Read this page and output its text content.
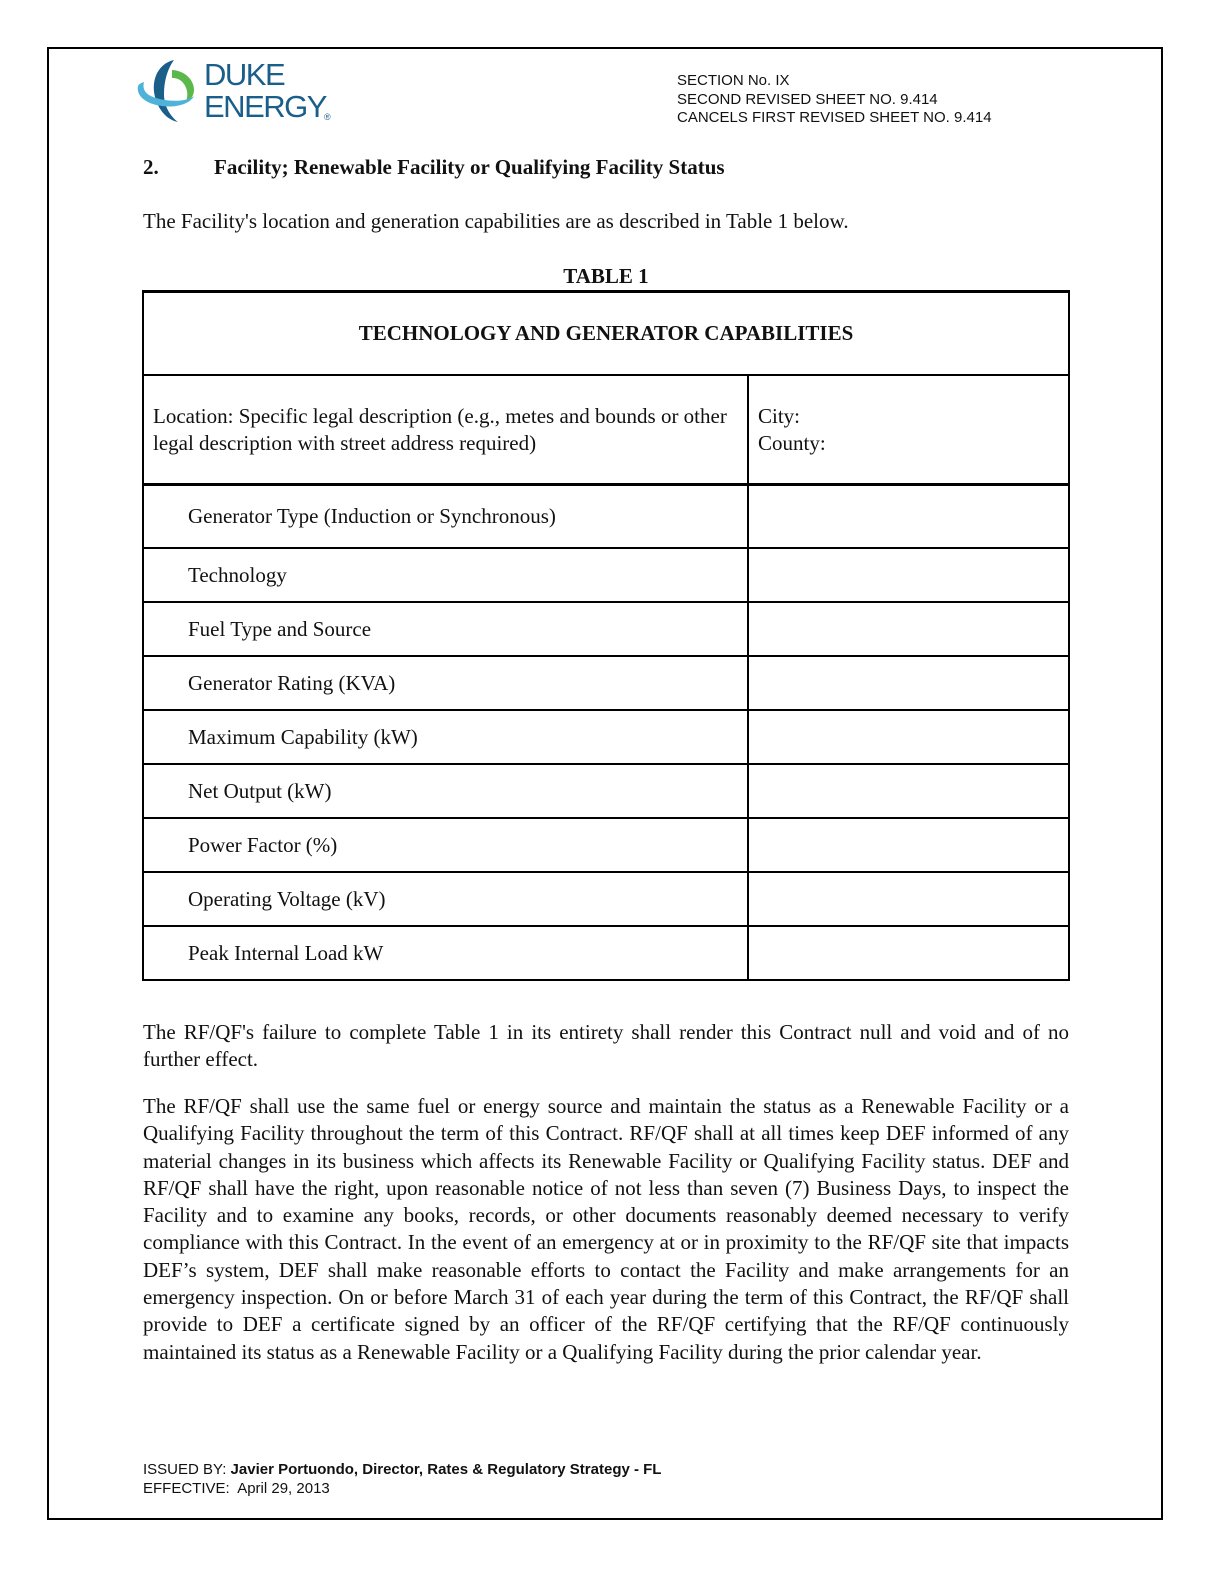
DUKE
ENERGY
®
SECTION No. IX
SECOND REVISED SHEET NO. 9.414
CANCELS FIRST REVISED SHEET NO. 9.414
2.	Facility; Renewable Facility or Qualifying Facility Status
The Facility's location and generation capabilities are as described in Table 1 below.
TABLE 1
TECHNOLOGY AND GENERATOR CAPABILITIES	
Location: Specific legal description (e.g., metes and bounds or other legal description with street address required)	City:
County:

Generator Type (Induction or Synchronous)	
Technology	
Fuel Type and Source	
Generator Rating (KVA)	
Maximum Capability (kW)	
Net Output (kW)	
Power Factor (%)	
Operating Voltage (kV)	
Peak Internal Load kW	
The RF/QF's failure to complete Table 1 in its entirety shall render this Contract null and void and of no further effect.
The RF/QF shall use the same fuel or energy source and maintain the status as a Renewable Facility or a Qualifying Facility throughout the term of this Contract. RF/QF shall at all times keep DEF informed of any material changes in its business which affects its Renewable Facility or Qualifying Facility status. DEF and RF/QF shall have the right, upon reasonable notice of not less than seven (7) Business Days, to inspect the Facility and to examine any books, records, or other documents reasonably deemed necessary to verify compliance with this Contract. In the event of an emergency at or in proximity to the RF/QF site that impacts DEF’s system, DEF shall make reasonable efforts to contact the Facility and make arrangements for an emergency inspection. On or before March 31 of each year during the term of this Contract, the RF/QF shall provide to DEF a certificate signed by an officer of the RF/QF certifying that the RF/QF continuously maintained its status as a Renewable Facility or a Qualifying Facility during the prior calendar year.
ISSUED BY: Javier Portuondo, Director, Rates & Regulatory Strategy - FL
EFFECTIVE:  April 29, 2013
